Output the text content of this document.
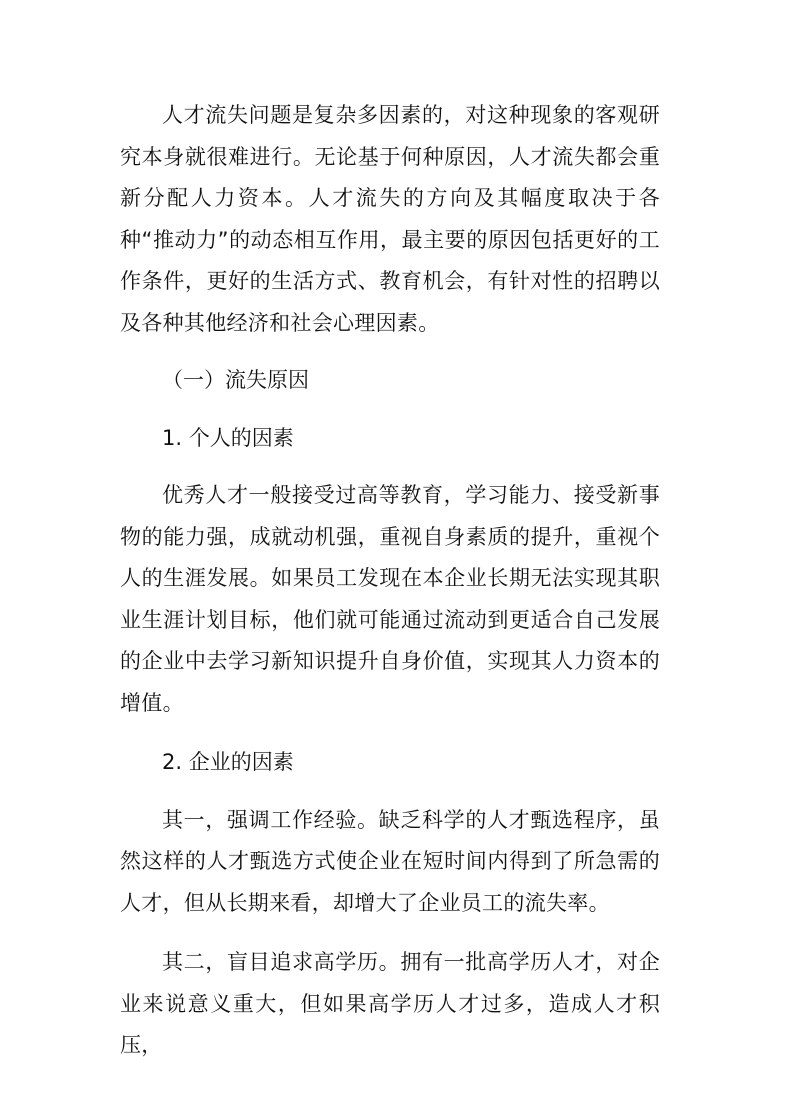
人才流失问题是复杂多因素的，对这种现象的客观研究本身就很难进行。无论基于何种原因，人才流失都会重新分配人力资本。人才流失的方向及其幅度取决于各种“推动力”的动态相互作用，最主要的原因包括更好的工作条件，更好的生活方式、教育机会，有针对性的招聘以及各种其他经济和社会心理因素。

（一）流失原因

1. 个人的因素

优秀人才一般接受过高等教育，学习能力、接受新事物的能力强，成就动机强，重视自身素质的提升，重视个人的生涯发展。如果员工发现在本企业长期无法实现其职业生涯计划目标，他们就可能通过流动到更适合自己发展的企业中去学习新知识提升自身价值，实现其人力资本的增值。

2. 企业的因素

其一，强调工作经验。缺乏科学的人才甄选程序，虽然这样的人才甄选方式使企业在短时间内得到了所急需的人才，但从长期来看，却增大了企业员工的流失率。

其二，盲目追求高学历。拥有一批高学历人才，对企业来说意义重大，但如果高学历人才过多，造成人才积压，
